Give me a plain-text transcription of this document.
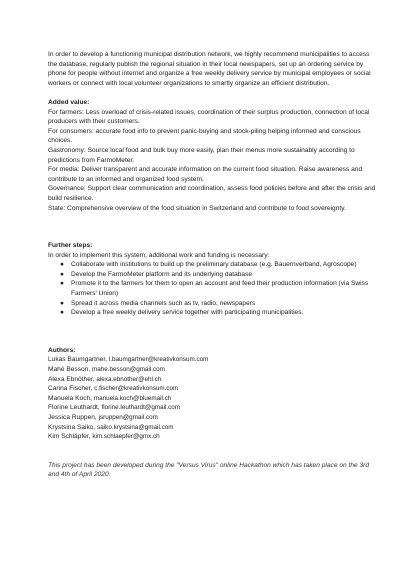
In order to develop a functioning municipal distribution network, we highly recommend municipalities to access the database, regularly publish the regional situation in their local newspapers, set up an ordering service by phone for people without internet and organize a free weekly delivery service by municipal employees or social workers or connect with local volunteer organizations to smartly organize an efficient distribution.

Added value:

For farmers: Less overload of crisis-related issues, coordination of their surplus production, connection of local producers with their customers.

For consumers: accurate food info to prevent panic-buying and stock-piling helping informed and conscious choices.

Gastronomy: Source local food and bulk buy more easily, plan their menus more sustainably according to predictions from FarmoMeter.

For media: Deliver transparent and accurate information on the current food situation. Raise awareness and contribute to an informed and organized food system.

Governance: Support clear communication and coordination, assess food policies before and after the crisis and build resilience.

State: Comprehensive overview of the food situation in Switzerland and contribute to food sovereignty.

Further steps:

In order to implement this system, additional work and funding is necessary:

● Collaborate with institutions to build up the preliminary database (e.g. Bauernverband, Agroscope)
● Develop the FarmoMeter platform and its underlying database
● Promote it to the farmers for them to open an account and feed their production information (via Swiss Farmers' Union)
● Spread it across media channels such as tv, radio, newspapers
● Develop a free weekly delivery service together with participating municipalities.

Authors:

Lukas Baumgartner, l.baumgartner@kreativkonsum.com

Mahé Besson, mahe.besson@gmail.com

Alexa Ebnöther, alexa.ebnother@ehl.ch

Carina Fischer, c.fischer@kreativkonsum.com

Manuela Koch, manuela.koch@bluemail.ch

Florine Leuthardt, florine.leuthardt@gmail.com

Jessica Ruppen, jsruppen@gmail.com

Krystsina Saiko, saiko.krystsina@gmail.com

Kim Schläpfer, kim.schlaepfer@gmx.ch

This project has been developed during the "Versus Virus" online Hackathon which has taken place on the 3rd and 4th of April 2020.
